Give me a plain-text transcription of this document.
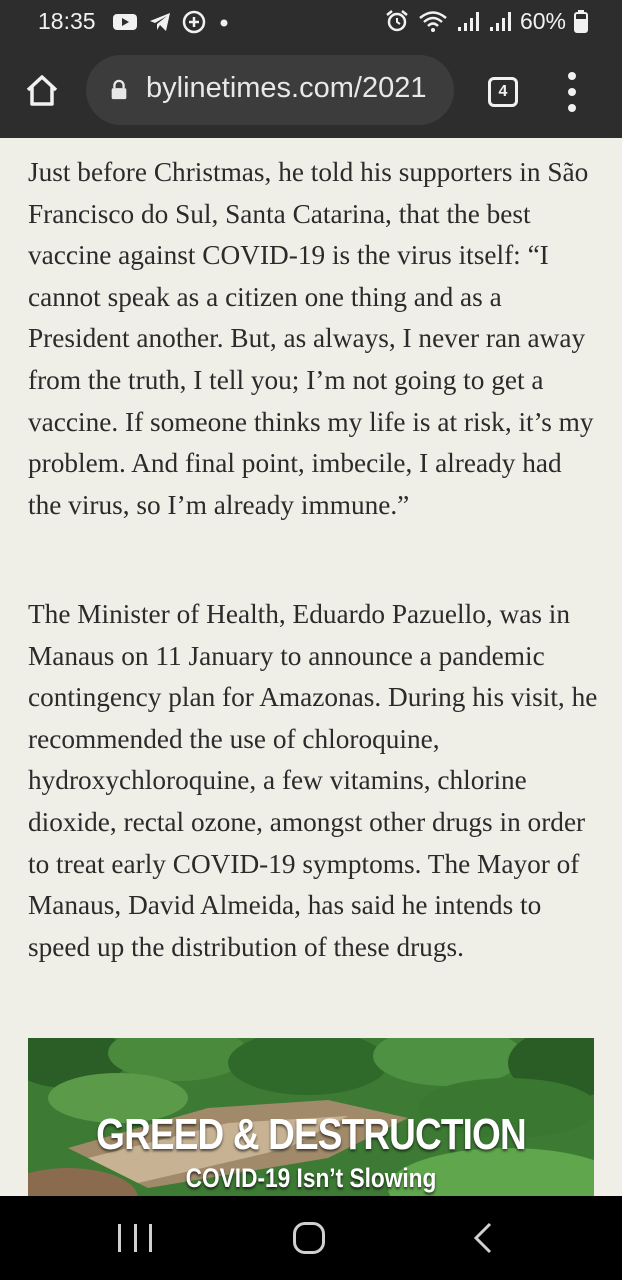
18:35	60%
bylinetimes.com/2021	4

Just before Christmas, he told his supporters in São Francisco do Sul, Santa Catarina, that the best vaccine against COVID-19 is the virus itself: “I cannot speak as a citizen one thing and as a President another. But, as always, I never ran away from the truth, I tell you; I’m not going to get a vaccine. If someone thinks my life is at risk, it’s my problem. And final point, imbecile, I already had the virus, so I’m already immune.”

The Minister of Health, Eduardo Pazuello, was in Manaus on 11 January to announce a pandemic contingency plan for Amazonas. During his visit, he recommended the use of chloroquine, hydroxychloroquine, a few vitamins, chlorine dioxide, rectal ozone, amongst other drugs in order to treat early COVID-19 symptoms. The Mayor of Manaus, David Almeida, has said he intends to speed up the distribution of these drugs.

GREED & DESTRUCTION
COVID-19 Isn’t Slowing
